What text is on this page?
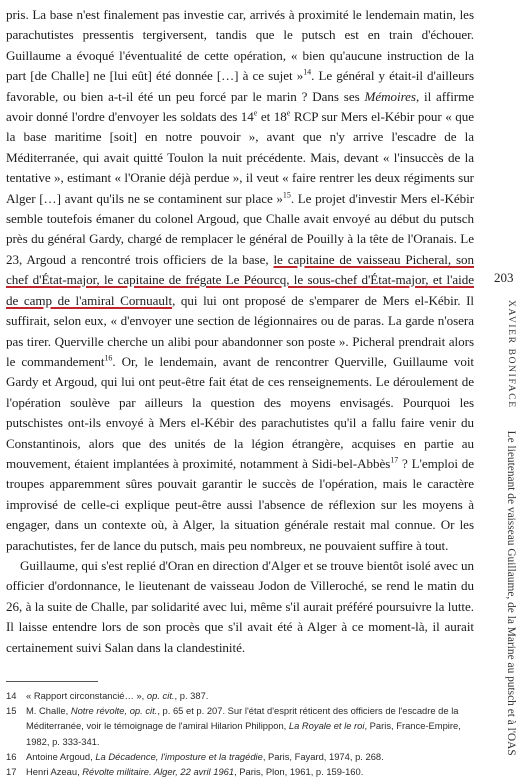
pris. La base n'est finalement pas investie car, arrivés à proximité le lendemain matin, les parachutistes pressentis tergiversent, tandis que le putsch est en train d'échouer. Guillaume a évoqué l'éventualité de cette opération, « bien qu'aucune instruction de la part [de Challe] ne [lui eût] été donnée […] à ce sujet »$^{14}$. Le général y était-il d'ailleurs favorable, ou bien a-t-il été un peu forcé par le marin ? Dans ses Mémoires, il affirme avoir donné l'ordre d'envoyer les soldats des 14e et 18e RCP sur Mers el-Kébir pour « que la base maritime [soit] en notre pouvoir », avant que n'y arrive l'escadre de la Méditerranée, qui avait quitté Toulon la nuit précédente. Mais, devant « l'insuccès de la tentative », estimant « l'Oranie déjà perdue », il veut « faire rentrer les deux régiments sur Alger […] avant qu'ils ne se contaminent sur place »$^{15}$. Le projet d'investir Mers el-Kébir semble toutefois émaner du colonel Argoud, que Challe avait envoyé au début du putsch près du général Gardy, chargé de remplacer le général de Pouilly à la tête de l'Oranais. Le 23, Argoud a rencontré trois officiers de la base, le capitaine de vaisseau Picheral, son chef d'État-major, le capitaine de frégate Le Péourcq, le sous-chef d'État-major, et l'aide de camp de l'amiral Cornuault, qui lui ont proposé de s'emparer de Mers el-Kébir. Il suffirait, selon eux, « d'envoyer une section de légionnaires ou de paras. La garde n'osera pas tirer. Querville cherche un alibi pour abandonner son poste ». Picheral prendrait alors le commandement$^{16}$. Or, le lendemain, avant de rencontrer Querville, Guillaume voit Gardy et Argoud, qui lui ont peut-être fait état de ces renseignements. Le déroulement de l'opération soulève par ailleurs la question des moyens envisagés. Pourquoi les putschistes ont-ils envoyé à Mers el-Kébir des parachutistes qu'il a fallu faire venir du Constantinois, alors que des unités de la légion étrangère, acquises en partie au mouvement, étaient implantées à proximité, notamment à Sidi-bel-Abbès$^{17}$ ? L'emploi de troupes apparemment sûres pouvait garantir le succès de l'opération, mais le caractère improvisé de celle-ci explique peut-être aussi l'absence de réflexion sur les moyens à engager, dans un contexte où, à Alger, la situation générale restait mal connue. Or les parachutistes, fer de lance du putsch, mais peu nombreux, ne pouvaient suffire à tout.

Guillaume, qui s'est replié d'Oran en direction d'Alger et se trouve bientôt isolé avec un officier d'ordonnance, le lieutenant de vaisseau Jodon de Villeroché, se rend le matin du 26, à la suite de Challe, par solidarité avec lui, même s'il aurait préféré poursuivre la lutte. Il laisse entendre lors de son procès que s'il avait été à Alger à ce moment-là, il aurait certainement suivi Salan dans la clandestinité.

203
XAVIER BONIFACELe lieutenant de vaisseau Guillaume, de la Marine au putsch et à l'OAS
14	« Rapport circonstancié… », op. cit., p. 387.
15	M. Challe, Notre révolte, op. cit., p. 65 et p. 207. Sur l'état d'esprit réticent des officiers de l'escadre de la Méditerranée, voir le témoignage de l'amiral Hilarion Philippon, La Royale et le roi, Paris, France-Empire, 1982, p. 333-341.
16	Antoine Argoud, La Décadence, l'imposture et la tragédie, Paris, Fayard, 1974, p. 268.
17	Henri Azeau, Révolte militaire. Alger, 22 avril 1961, Paris, Plon, 1961, p. 159-160.
